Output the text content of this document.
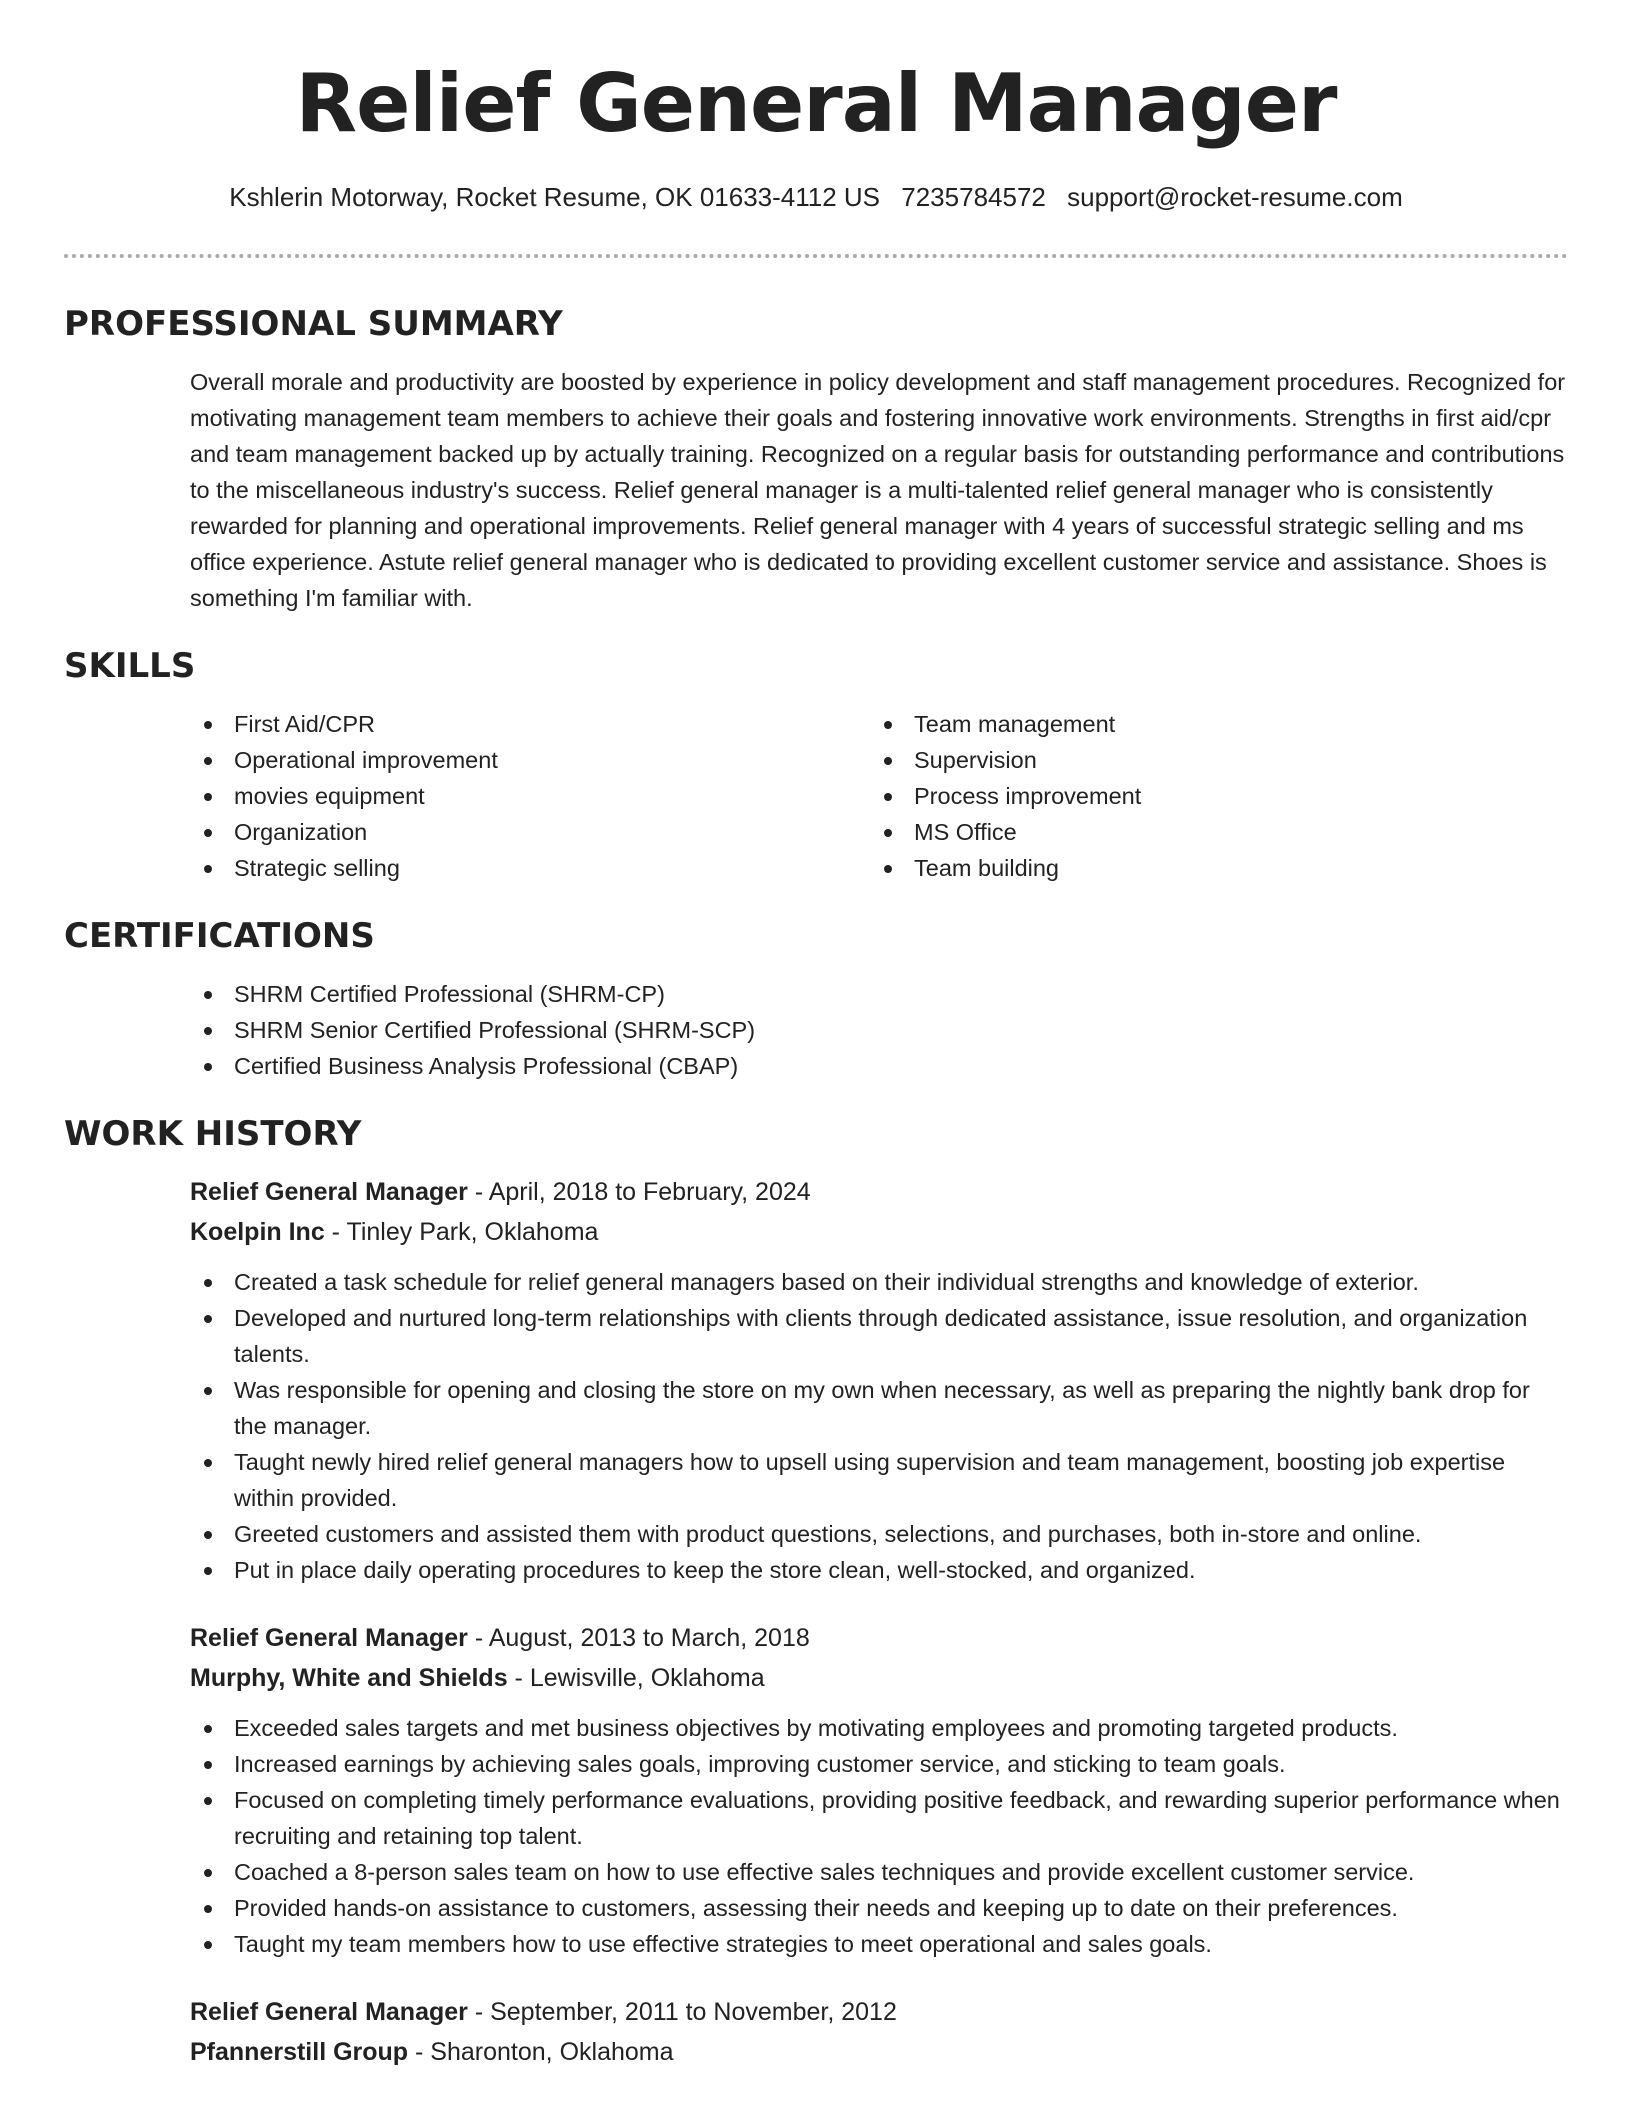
Relief General Manager
Kshlerin Motorway, Rocket Resume, OK 01633-4112 US 7235784572 support@rocket-resume.com
PROFESSIONAL SUMMARY

Overall morale and productivity are boosted by experience in policy development and staff management procedures. Recognized for motivating management team members to achieve their goals and fostering innovative work environments. Strengths in first aid/cpr and team management backed up by actually training. Recognized on a regular basis for outstanding performance and contributions to the miscellaneous industry's success. Relief general manager is a multi-talented relief general manager who is consistently rewarded for planning and operational improvements. Relief general manager with 4 years of successful strategic selling and ms office experience. Astute relief general manager who is dedicated to providing excellent customer service and assistance. Shoes is something I'm familiar with.

SKILLS
First Aid/CPR
Operational improvement
movies equipment
Organization
Strategic selling
Team management
Supervision
Process improvement
MS Office
Team building
CERTIFICATIONS
SHRM Certified Professional (SHRM-CP)
SHRM Senior Certified Professional (SHRM-SCP)
Certified Business Analysis Professional (CBAP)
WORK HISTORY
Relief General Manager - April, 2018 to February, 2024
Koelpin Inc - Tinley Park, Oklahoma
Created a task schedule for relief general managers based on their individual strengths and knowledge of exterior.
Developed and nurtured long-term relationships with clients through dedicated assistance, issue resolution, and organization talents.
Was responsible for opening and closing the store on my own when necessary, as well as preparing the nightly bank drop for the manager.
Taught newly hired relief general managers how to upsell using supervision and team management, boosting job expertise within provided.
Greeted customers and assisted them with product questions, selections, and purchases, both in-store and online.
Put in place daily operating procedures to keep the store clean, well-stocked, and organized.
Relief General Manager - August, 2013 to March, 2018
Murphy, White and Shields - Lewisville, Oklahoma
Exceeded sales targets and met business objectives by motivating employees and promoting targeted products.
Increased earnings by achieving sales goals, improving customer service, and sticking to team goals.
Focused on completing timely performance evaluations, providing positive feedback, and rewarding superior performance when recruiting and retaining top talent.
Coached a 8-person sales team on how to use effective sales techniques and provide excellent customer service.
Provided hands-on assistance to customers, assessing their needs and keeping up to date on their preferences.
Taught my team members how to use effective strategies to meet operational and sales goals.
Relief General Manager - September, 2011 to November, 2012
Pfannerstill Group - Sharonton, Oklahoma
